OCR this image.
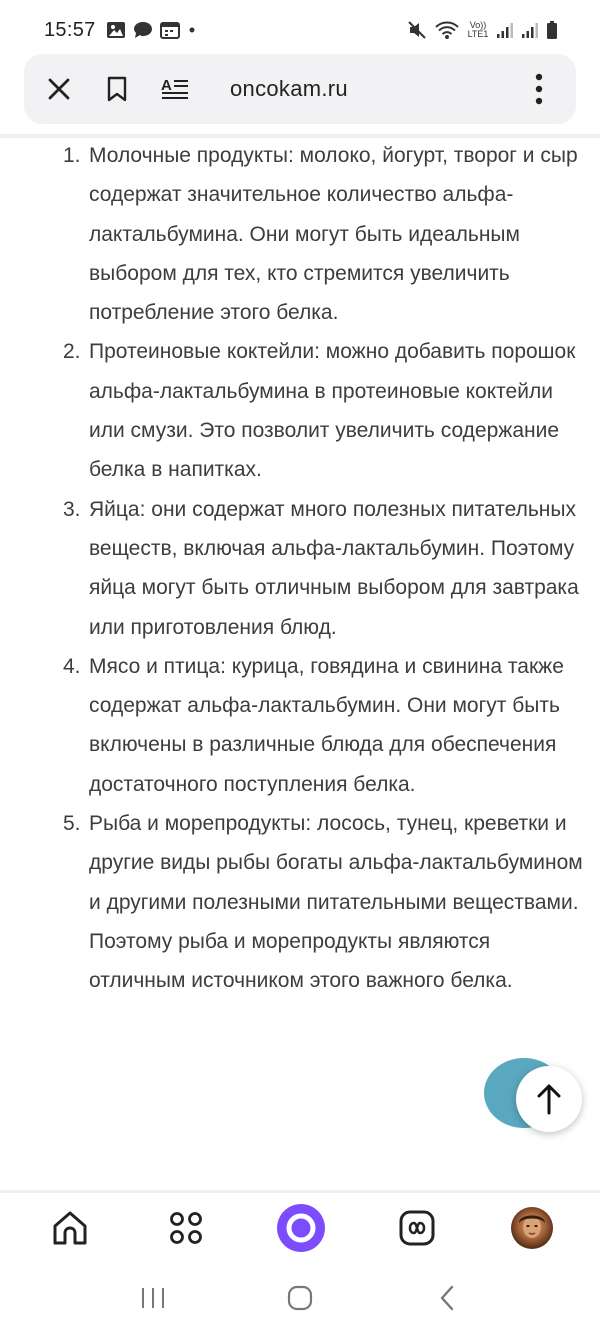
15:57	Vo)) LTE1
A	oncokam.ru
1. Молочные продукты: молоко, йогурт, творог и сыр содержат значительное количество альфа-лактальбумина. Они могут быть идеальным выбором для тех, кто стремится увеличить потребление этого белка.
2. Протеиновые коктейли: можно добавить порошок альфа-лактальбумина в протеиновые коктейли или смузи. Это позволит увеличить содержание белка в напитках.
3. Яйца: они содержат много полезных питательных веществ, включая альфа-лактальбумин. Поэтому яйца могут быть отличным выбором для завтрака или приготовления блюд.
4. Мясо и птица: курица, говядина и свинина также содержат альфа-лактальбумин. Они могут быть включены в различные блюда для обеспечения достаточного поступления белка.
5. Рыба и морепродукты: лосось, тунец, креветки и другие виды рыбы богаты альфа-лактальбумином и другими полезными питательными веществами. Поэтому рыба и морепродукты являются отличным источником этого важного белка.
